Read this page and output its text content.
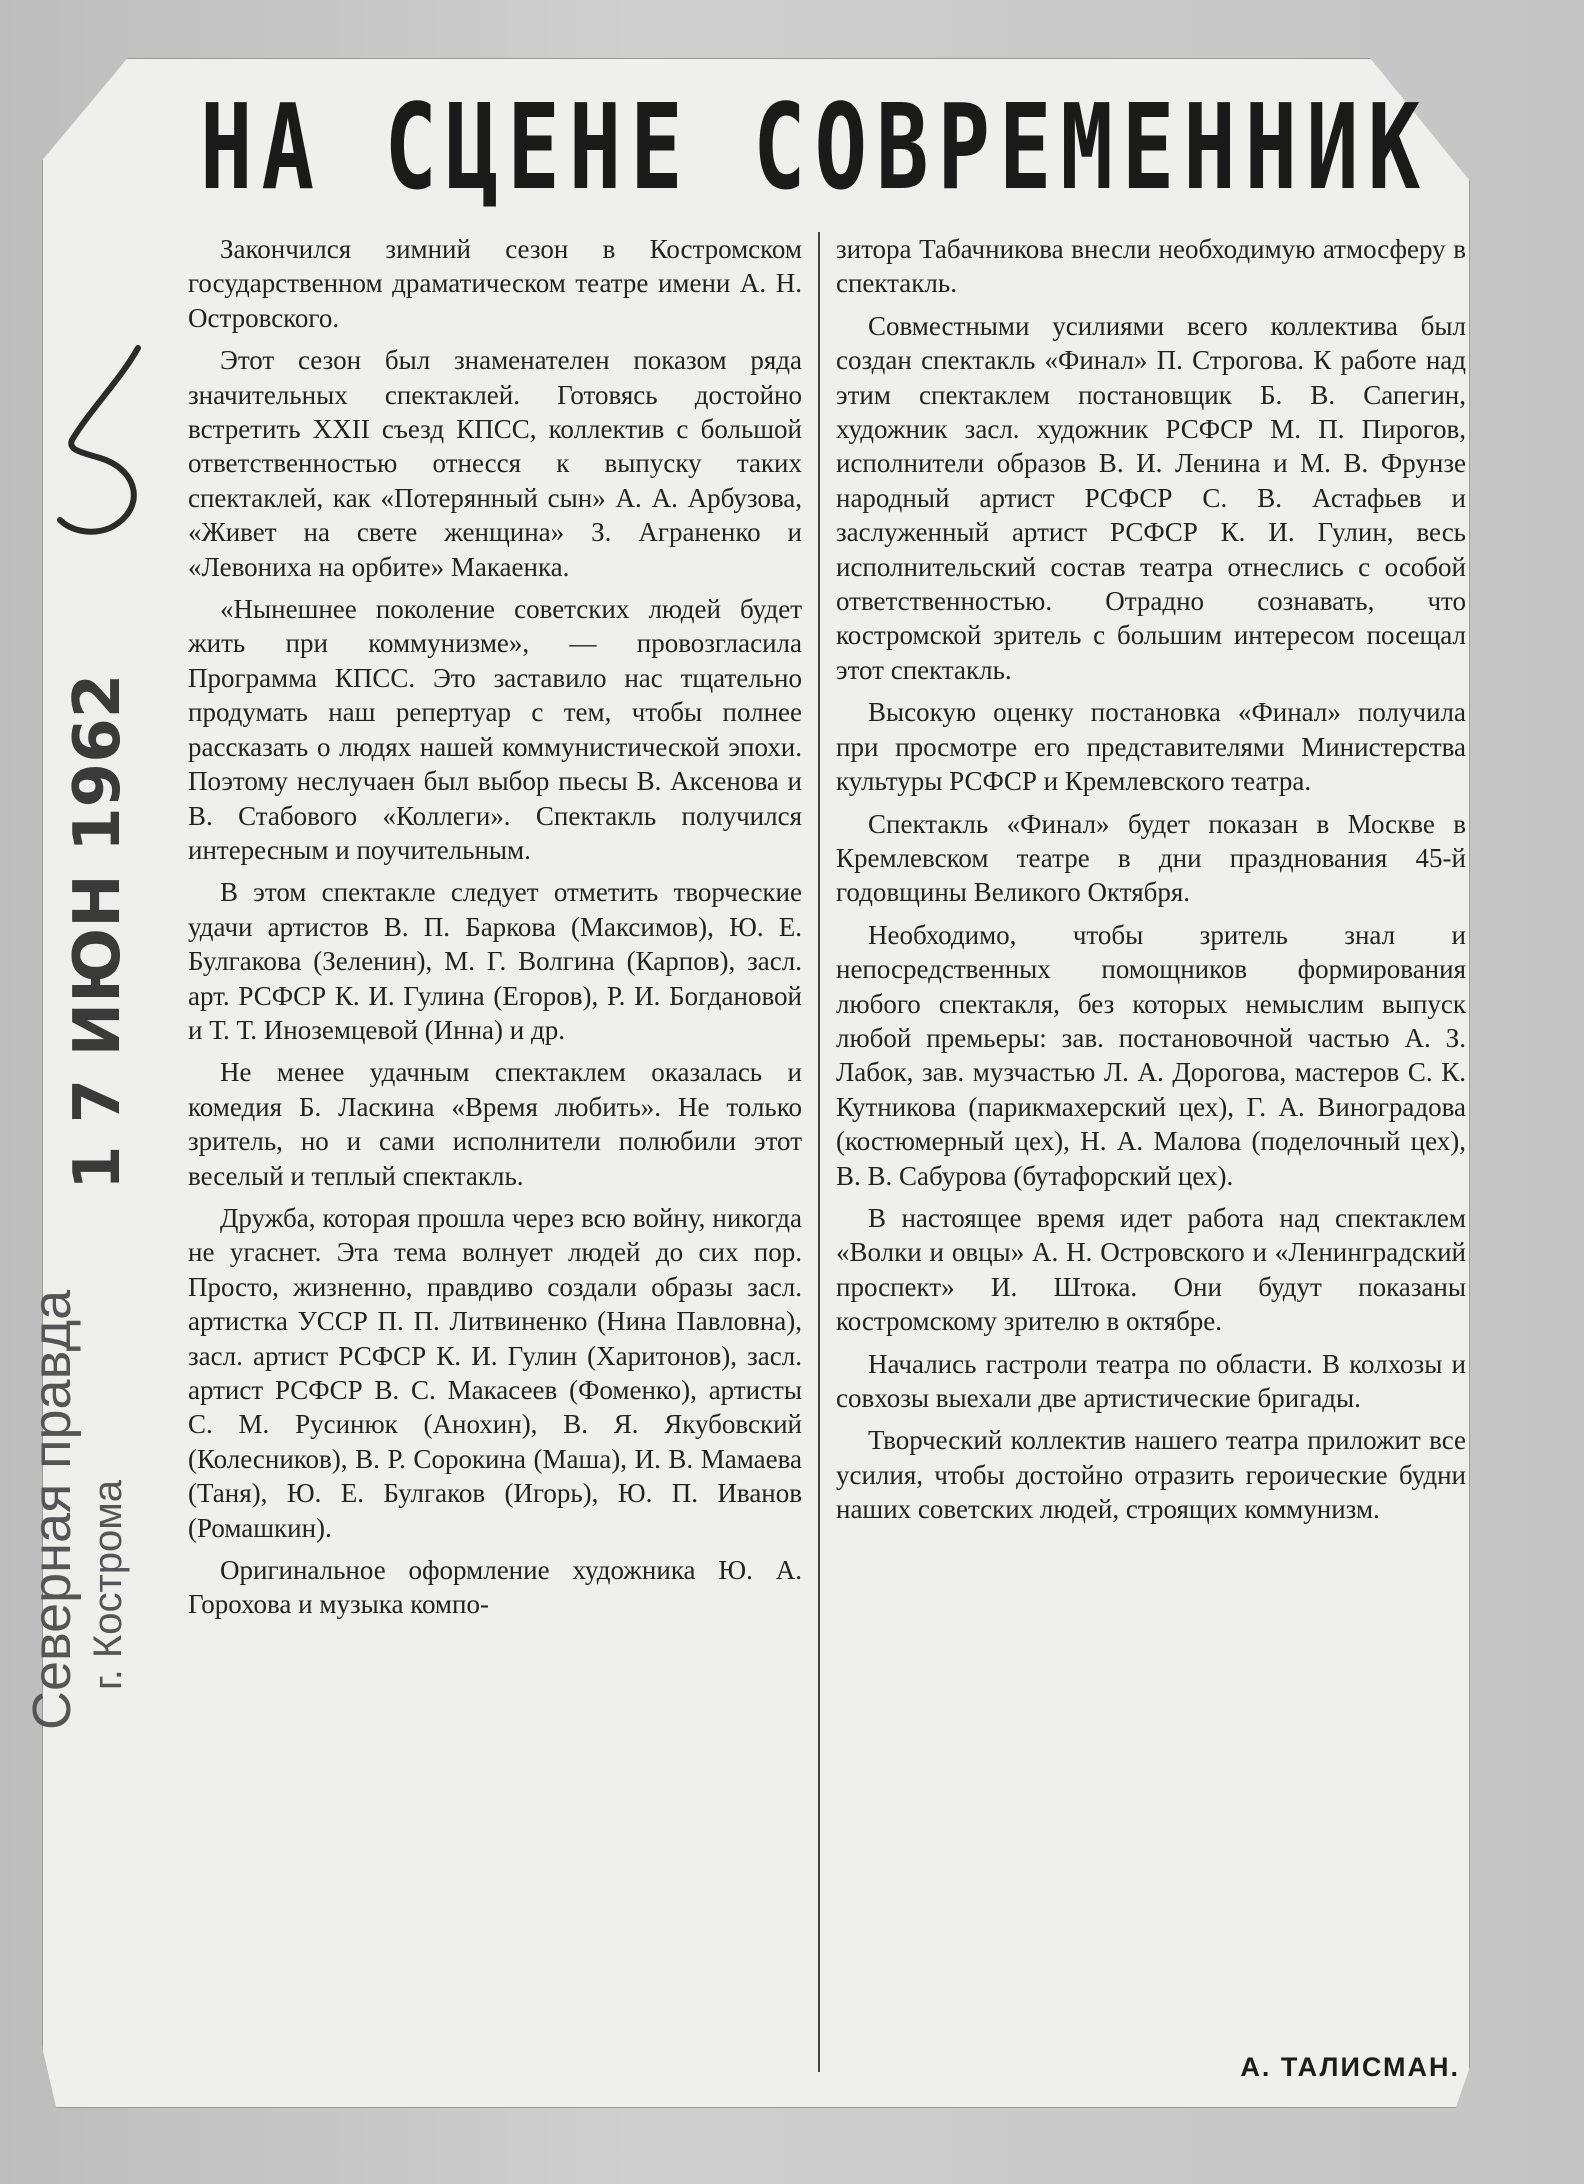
НА СЦЕНЕ СОВРЕМЕННИК
1 7 ИЮН 1962
Северная правда г. Кострома

Закончился зимний сезон в Костромском государственном драматическом театре имени А. Н. Островского.

Этот сезон был знаменателен показом ряда значительных спектаклей. Готовясь достойно встретить XXII съезд КПСС, коллектив с большой ответственностью отнесся к выпуску таких спектаклей, как «Потерянный сын» А. А. Арбузова, «Живет на свете женщина» З. Аграненко и «Левониха на орбите» Макаенка.

«Нынешнее поколение советских людей будет жить при коммунизме», — провозгласила Программа КПСС. Это заставило нас тщательно продумать наш репертуар с тем, чтобы полнее рассказать о людях нашей коммунистической эпохи. Поэтому неслучаен был выбор пьесы В. Аксенова и В. Стабового «Коллеги». Спектакль получился интересным и поучительным.

В этом спектакле следует отметить творческие удачи артистов В. П. Баркова (Максимов), Ю. Е. Булгакова (Зеленин), М. Г. Волгина (Карпов), засл. арт. РСФСР К. И. Гулина (Егоров), Р. И. Богдановой и Т. Т. Иноземцевой (Инна) и др.

Не менее удачным спектаклем оказалась и комедия Б. Ласкина «Время любить». Не только зритель, но и сами исполнители полюбили этот веселый и теплый спектакль.

Дружба, которая прошла через всю войну, никогда не угаснет. Эта тема волнует людей до сих пор. Просто, жизненно, правдиво создали образы засл. артистка УССР П. П. Литвиненко (Нина Павловна), засл. артист РСФСР К. И. Гулин (Харитонов), засл. артист РСФСР В. С. Макасеев (Фоменко), артисты С. М. Русинюк (Анохин), В. Я. Якубовский (Колесников), В. Р. Сорокина (Маша), И. В. Мамаева (Таня), Ю. Е. Булгаков (Игорь), Ю. П. Иванов (Ромашкин).

Оригинальное оформление художника Ю. А. Горохова и музыка компо-

зитора Табачникова внесли необходимую атмосферу в спектакль.

Совместными усилиями всего коллектива был создан спектакль «Финал» П. Строгова. К работе над этим спектаклем постановщик Б. В. Сапегин, художник засл. художник РСФСР М. П. Пирогов, исполнители образов В. И. Ленина и М. В. Фрунзе народный артист РСФСР С. В. Астафьев и заслуженный артист РСФСР К. И. Гулин, весь исполнительский состав театра отнеслись с особой ответственностью. Отрадно сознавать, что костромской зритель с большим интересом посещал этот спектакль.

Высокую оценку постановка «Финал» получила при просмотре его представителями Министерства культуры РСФСР и Кремлевского театра.

Спектакль «Финал» будет показан в Москве в Кремлевском театре в дни празднования 45-й годовщины Великого Октября.

Необходимо, чтобы зритель знал и непосредственных помощников формирования любого спектакля, без которых немыслим выпуск любой премьеры: зав. постановочной частью А. З. Лабок, зав. музчастью Л. А. Дорогова, мастеров С. К. Кутникова (парикмахерский цех), Г. А. Виноградова (костюмерный цех), Н. А. Малова (поделочный цех), В. В. Сабурова (бутафорский цех).

В настоящее время идет работа над спектаклем «Волки и овцы» А. Н. Островского и «Ленинградский проспект» И. Штока. Они будут показаны костромскому зрителю в октябре.

Начались гастроли театра по области. В колхозы и совхозы выехали две артистические бригады.

Творческий коллектив нашего театра приложит все усилия, чтобы достойно отразить героические будни наших советских людей, строящих коммунизм.

А. ТАЛИСМАН.
